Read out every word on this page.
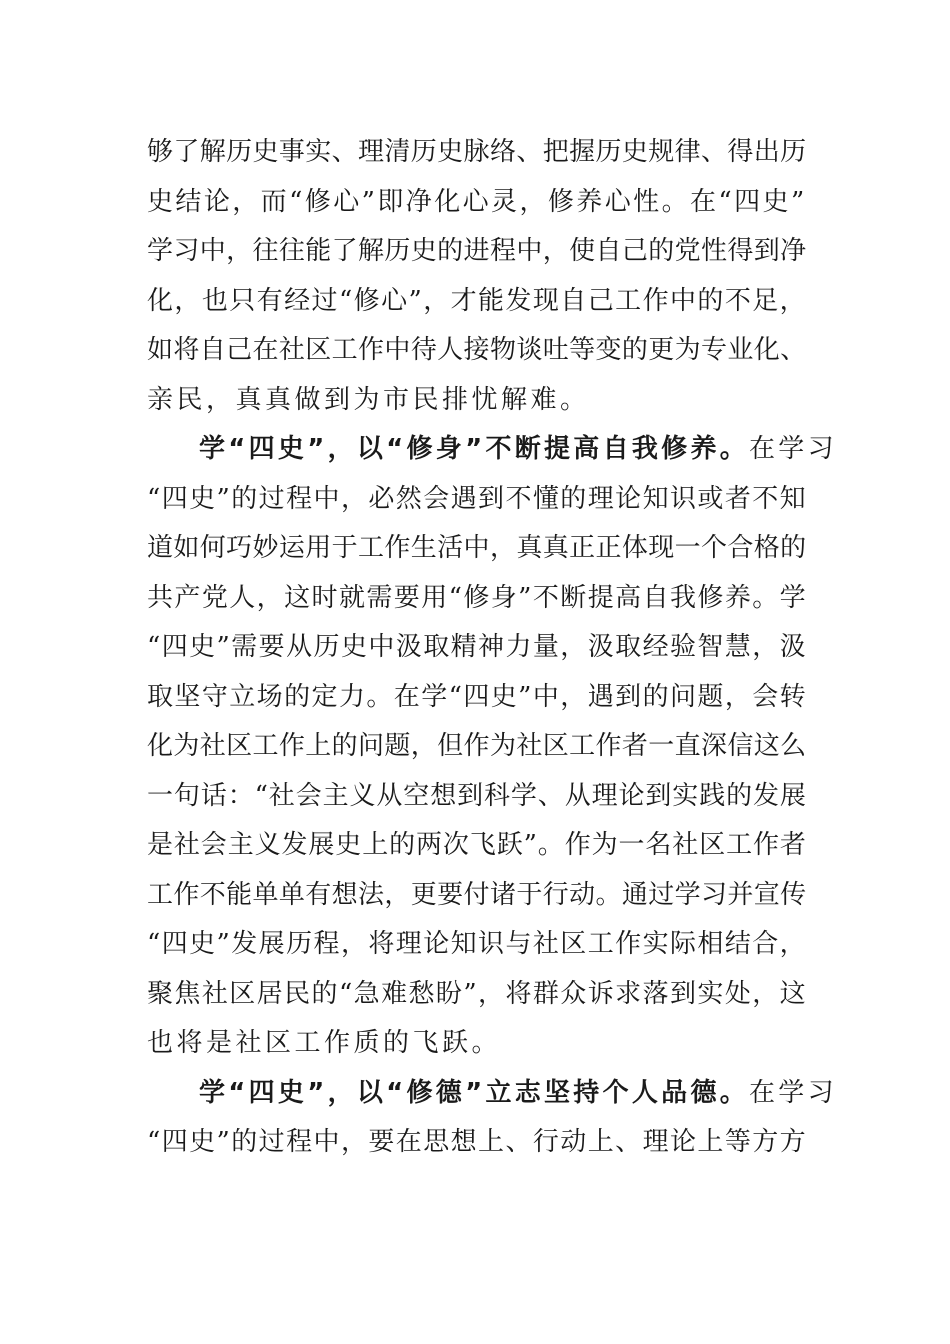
够了解历史事实、理清历史脉络、把握历史规律、得出历
史结论，而“修心”即净化心灵，修养心性。在“四史”
学习中，往往能了解历史的进程中，使自己的党性得到净
化，也只有经过“修心”，才能发现自己工作中的不足，
如将自己在社区工作中待人接物谈吐等变的更为专业化、
亲民，真真做到为市民排忧解难。
学“四史”，以“修身”不断提高自我修养。在学习
“四史”的过程中，必然会遇到不懂的理论知识或者不知
道如何巧妙运用于工作生活中，真真正正体现一个合格的
共产党人，这时就需要用“修身”不断提高自我修养。学
“四史”需要从历史中汲取精神力量，汲取经验智慧，汲
取坚守立场的定力。在学“四史”中，遇到的问题，会转
化为社区工作上的问题，但作为社区工作者一直深信这么
一句话：“社会主义从空想到科学、从理论到实践的发展
是社会主义发展史上的两次飞跃”。作为一名社区工作者
工作不能单单有想法，更要付诸于行动。通过学习并宣传
“四史”发展历程，将理论知识与社区工作实际相结合，
聚焦社区居民的“急难愁盼”，将群众诉求落到实处，这
也将是社区工作质的飞跃。
学“四史”，以“修德”立志坚持个人品德。在学习
“四史”的过程中，要在思想上、行动上、理论上等方方
